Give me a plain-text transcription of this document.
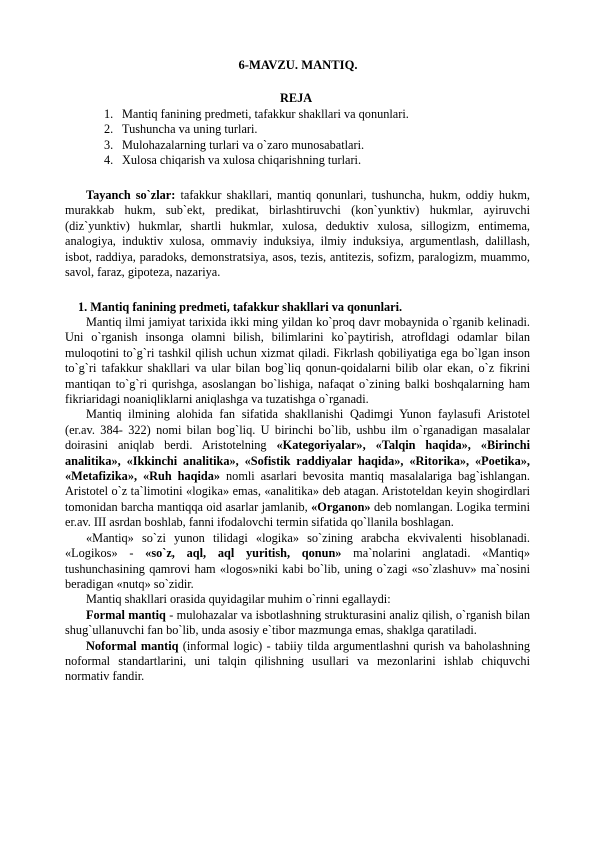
6-MAVZU. MANTIQ.
REJA
1. Mantiq fanining predmeti, tafakkur shakllari va qonunlari.
2. Tushuncha va uning turlari.
3. Mulohazalarning turlari va o`zaro munosabatlari.
4. Xulosa chiqarish va xulosa chiqarishning turlari.

Tayanch so`zlar: tafakkur shakllari, mantiq qonunlari, tushuncha, hukm, oddiy hukm, murakkab hukm, sub`ekt, predikat, birlashtiruvchi (kon`yunktiv) hukmlar, ayiruvchi (diz`yunktiv) hukmlar, shartli hukmlar, xulosa, deduktiv xulosa, sillogizm, entimema, analogiya, induktiv xulosa, ommaviy induksiya, ilmiy induksiya, argumentlash, dalillash, isbot, raddiya, paradoks, demonstratsiya, asos, tezis, antitezis, sofizm, paralogizm, muammo, savol, faraz, gipoteza, nazariya.

1. Mantiq fanining predmeti, tafakkur shakllari va qonunlari.

Mantiq ilmi jamiyat tarixida ikki ming yildan ko`proq davr mobaynida o`rganib kelinadi. Uni o`rganish insonga olamni bilish, bilimlarini ko`paytirish, atrofldagi odamlar bilan muloqotini to`g`ri tashkil qilish uchun xizmat qiladi. Fikrlash qobiliyatiga ega bo`lgan inson to`g`ri tafakkur shakllari va ular bilan bog`liq qonun-qoidalarni bilib olar ekan, o`z fikrini mantiqan to`g`ri qurishga, asoslangan bo`lishiga, nafaqat o`zining balki boshqalarning ham fikriaridagi noaniqliklarni aniqlashga va tuzatishga o`rganadi.

Mantiq ilmining alohida fan sifatida shakllanishi Qadimgi Yunon faylasufi Aristotel (er.av. 384- 322) nomi bilan bog`liq. U birinchi bo`lib, ushbu ilm o`rganadigan masalalar doirasini aniqlab berdi. Aristotelning «Kategoriyalar», «Talqin haqida», «Birinchi analitika», «Ikkinchi analitika», «Sofistik raddiyalar haqida», «Ritorika», «Poetika», «Metafizika», «Ruh haqida» nomli asarlari bevosita mantiq masalalariga bag`ishlangan. Aristotel o`z ta`limotini «logika» emas, «analitika» deb atagan. Aristoteldan keyin shogirdlari tomonidan barcha mantiqqa oid asarlar jamlanib, «Organon» deb nomlangan. Logika termini er.av. III asrdan boshlab, fanni ifodalovchi termin sifatida qo`llanila boshlagan.

«Mantiq» so`zi yunon tilidagi «logika» so`zining arabcha ekvivalenti hisoblanadi. «Logikos» - «so`z, aql, aql yuritish, qonun» ma`nolarini anglatadi. «Mantiq» tushunchasining qamrovi ham «logos»niki kabi bo`lib, uning o`zagi «so`zlashuv» ma`nosini beradigan «nutq» so`zidir.

Mantiq shakllari orasida quyidagilar muhim o`rinni egallaydi:

Formal mantiq - mulohazalar va isbotlashning strukturasini analiz qilish, o`rganish bilan shug`ullanuvchi fan bo`lib, unda asosiy e`tibor mazmunga emas, shaklga qaratiladi.

Noformal mantiq (informal logic) - tabiiy tilda argumentlashni qurish va baholashning noformal standartlarini, uni talqin qilishning usullari va mezonlarini ishlab chiquvchi normativ fandir.
